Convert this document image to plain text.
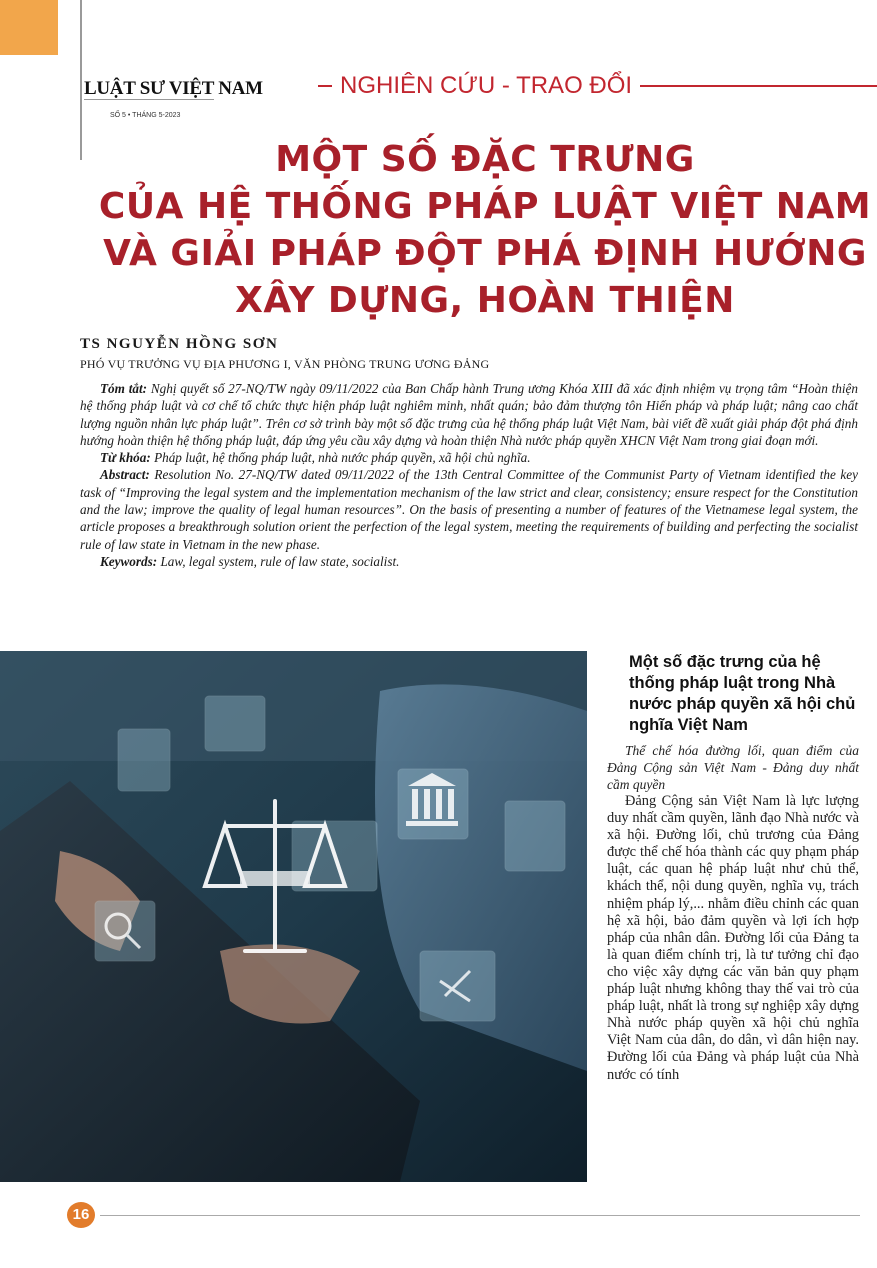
LUẬT SƯ VIỆT NAM
SỐ 5 • THÁNG 5-2023
NGHIÊN CỨU - TRAO ĐỔI
MỘT SỐ ĐẶC TRƯNG
CỦA HỆ THỐNG PHÁP LUẬT VIỆT NAM
VÀ GIẢI PHÁP ĐỘT PHÁ ĐỊNH HƯỚNG
XÂY DỰNG, HOÀN THIỆN
TS NGUYỄN HỒNG SƠN
PHÓ VỤ TRƯỞNG VỤ ĐỊA PHƯƠNG I, VĂN PHÒNG TRUNG ƯƠNG ĐẢNG

Tóm tắt: Nghị quyết số 27-NQ/TW ngày 09/11/2022 của Ban Chấp hành Trung ương Khóa XIII đã xác định nhiệm vụ trọng tâm “Hoàn thiện hệ thống pháp luật và cơ chế tổ chức thực hiện pháp luật nghiêm minh, nhất quán; bảo đảm thượng tôn Hiến pháp và pháp luật; nâng cao chất lượng nguồn nhân lực pháp luật”. Trên cơ sở trình bày một số đặc trưng của hệ thống pháp luật Việt Nam, bài viết đề xuất giải pháp đột phá định hướng hoàn thiện hệ thống pháp luật, đáp ứng yêu cầu xây dựng và hoàn thiện Nhà nước pháp quyền XHCN Việt Nam trong giai đoạn mới.

Từ khóa: Pháp luật, hệ thống pháp luật, nhà nước pháp quyền, xã hội chủ nghĩa.

Abstract: Resolution No. 27-NQ/TW dated 09/11/2022 of the 13th Central Committee of the Communist Party of Vietnam identified the key task of “Improving the legal system and the implementation mechanism of the law strict and clear, consistency; ensure respect for the Constitution and the law; improve the quality of legal human resources”. On the basis of presenting a number of features of the Vietnamese legal system, the article proposes a breakthrough solution orient the perfection of the legal system, meeting the requirements of building and perfecting the socialist rule of law state in Vietnam in the new phase.

Keywords: Law, legal system, rule of law state, socialist.

Một số đặc trưng của hệ thống pháp luật trong Nhà nước pháp quyền xã hội chủ nghĩa Việt Nam

Thể chế hóa đường lối, quan điểm của Đảng Cộng sản Việt Nam - Đảng duy nhất cầm quyền

Đảng Cộng sản Việt Nam là lực lượng duy nhất cầm quyền, lãnh đạo Nhà nước và xã hội. Đường lối, chủ trương của Đảng được thể chế hóa thành các quy phạm pháp luật, các quan hệ pháp luật như chủ thể, khách thể, nội dung quyền, nghĩa vụ, trách nhiệm pháp lý,... nhằm điều chỉnh các quan hệ xã hội, bảo đảm quyền và lợi ích hợp pháp của nhân dân. Đường lối của Đảng ta là quan điểm chính trị, là tư tưởng chỉ đạo cho việc xây dựng các văn bản quy phạm pháp luật nhưng không thay thế vai trò của pháp luật, nhất là trong sự nghiệp xây dựng Nhà nước pháp quyền xã hội chủ nghĩa Việt Nam của dân, do dân, vì dân hiện nay. Đường lối của Đảng và pháp luật của Nhà nước có tính

16
